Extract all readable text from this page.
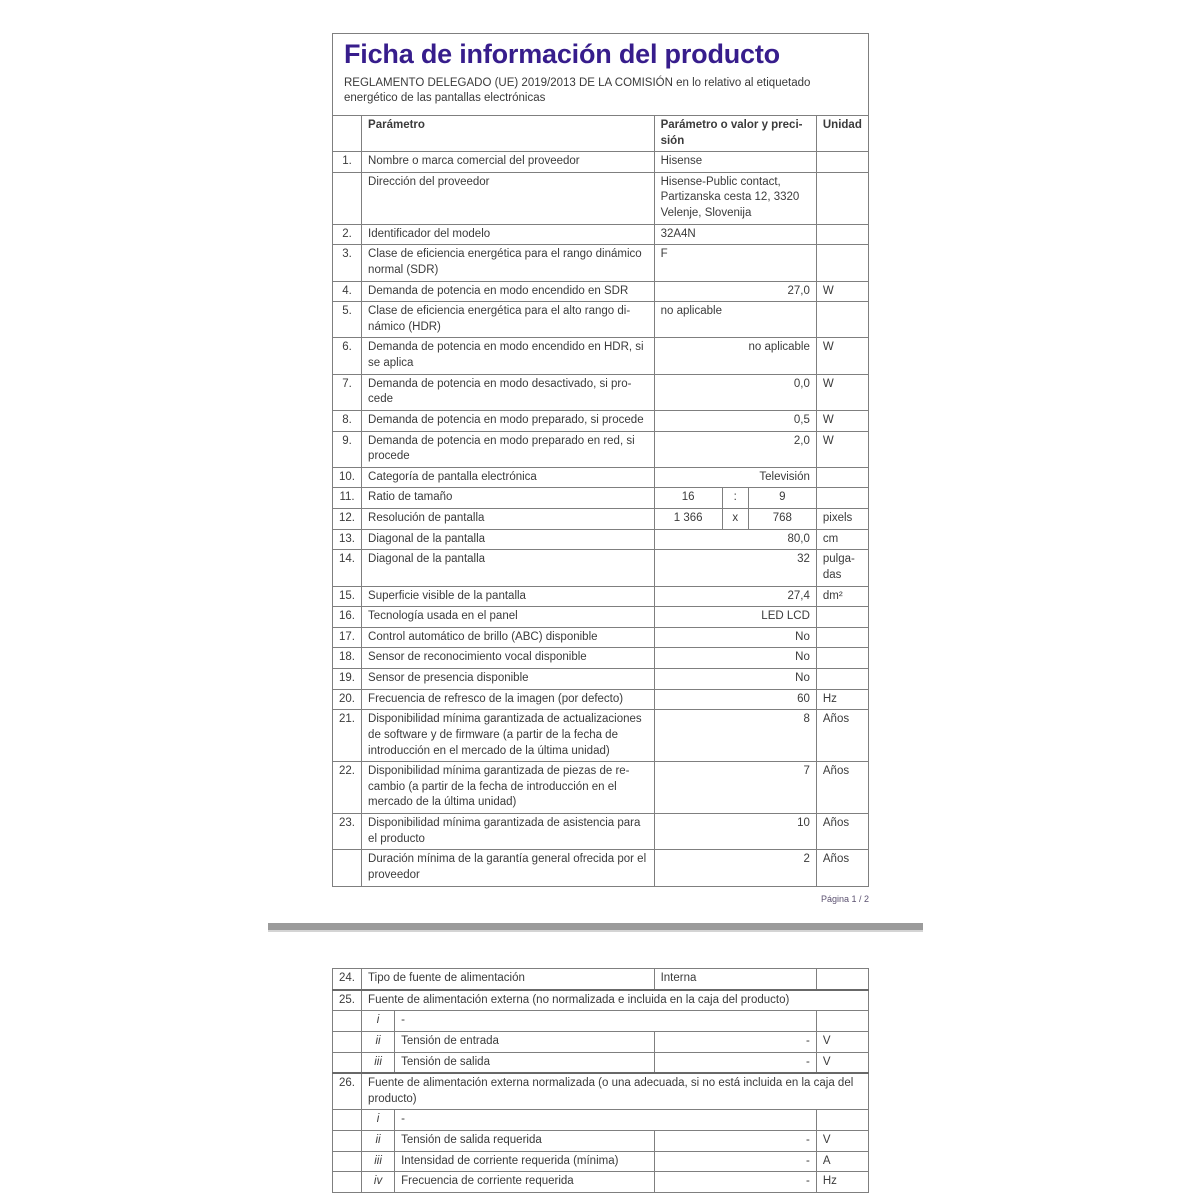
Ficha de información del producto

REGLAMENTO DELEGADO (UE) 2019/2013 DE LA COMISIÓN en lo relativo al etiquetado energético de las pantallas electrónicas

	Parámetro	Parámetro o valor y precisión			Unidad
1.	Nombre o marca comercial del proveedor	Hisense			
	Dirección del proveedor	Hisense-Public contact, Partizanska cesta 12, 3320 Velenje, Slovenija			
2.	Identificador del modelo	32A4N			
3.	Clase de eficiencia energética para el rango dinámico normal (SDR)	F			
4.	Demanda de potencia en modo encendido en SDR	27,0			W
5.	Clase de eficiencia energética para el alto rango dinámico (HDR)	no aplicable			
6.	Demanda de potencia en modo encendido en HDR, si se aplica	no aplicable			W
7.	Demanda de potencia en modo desactivado, si procede	0,0			W
8.	Demanda de potencia en modo preparado, si procede	0,5			W
9.	Demanda de potencia en modo preparado en red, si procede	2,0			W
10.	Categoría de pantalla electrónica	Televisión			
11.	Ratio de tamaño	16	:	9	
12.	Resolución de pantalla	1 366	x	768	pixels
13.	Diagonal de la pantalla	80,0			cm
14.	Diagonal de la pantalla	32			pulgadas
15.	Superficie visible de la pantalla	27,4			dm²
16.	Tecnología usada en el panel	LED LCD			
17.	Control automático de brillo (ABC) disponible	No			
18.	Sensor de reconocimiento vocal disponible	No			
19.	Sensor de presencia disponible	No			
20.	Frecuencia de refresco de la imagen (por defecto)	60			Hz
21.	Disponibilidad mínima garantizada de actualizaciones de software y de firmware (a partir de la fecha de introducción en el mercado de la última unidad)	8			Años
22.	Disponibilidad mínima garantizada de piezas de recambio (a partir de la fecha de introducción en el mercado de la última unidad)	7			Años
23.	Disponibilidad mínima garantizada de asistencia para el producto	10			Años
	Duración mínima de la garantía general ofrecida por el proveedor	2			Años
Página 1 / 2
24.	Tipo de fuente de alimentación		Interna	
25.	Fuente de alimentación externa (no normalizada e incluida en la caja del producto)			
	i	-		
	ii	Tensión de entrada	-	V
	iii	Tensión de salida	-	V
26.	Fuente de alimentación externa normalizada (o una adecuada, si no está incluida en la caja del producto)			
	i	-		
	ii	Tensión de salida requerida	-	V
	iii	Intensidad de corriente requerida (mínima)	-	A
	iv	Frecuencia de corriente requerida	-	Hz
